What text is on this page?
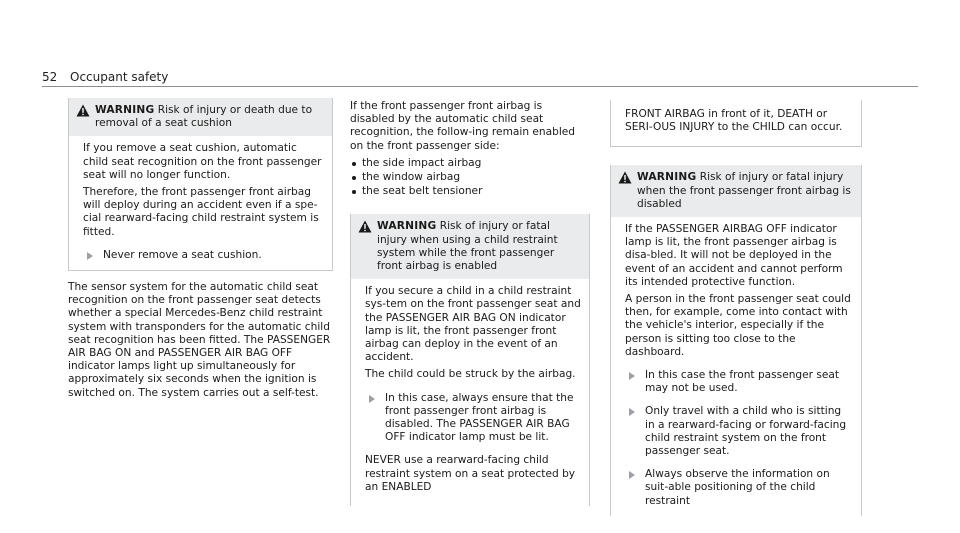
52 Occupant safety
WARNING Risk of injury or death due to removal of a seat cushion

If you remove a seat cushion, automatic child seat recognition on the front passenger seat will no longer function.

Therefore, the front passenger front airbag will deploy during an accident even if a spe-cial rearward-facing child restraint system is fitted.

Never remove a seat cushion.

The sensor system for the automatic child seat recognition on the front passenger seat detects whether a special Mercedes-Benz child restraint system with transponders for the automatic child seat recognition has been fitted. The PASSENGER AIR BAG ON and PASSENGER AIR BAG OFF indicator lamps light up simultaneously for approximately six seconds when the ignition is switched on. The system carries out a self-test.

If the front passenger front airbag is disabled by the automatic child seat recognition, the follow-ing remain enabled on the front passenger side:

the side impact airbag
the window airbag
the seat belt tensioner
WARNING Risk of injury or fatal injury when using a child restraint system while the front passenger front airbag is enabled

If you secure a child in a child restraint sys-tem on the front passenger seat and the PASSENGER AIR BAG ON indicator lamp is lit, the front passenger front airbag can deploy in the event of an accident.

The child could be struck by the airbag.

In this case, always ensure that the front passenger front airbag is disabled. The PASSENGER AIR BAG OFF indicator lamp must be lit.

NEVER use a rearward-facing child restraint system on a seat protected by an ENABLED

FRONT AIRBAG in front of it, DEATH or SERI-OUS INJURY to the CHILD can occur.

WARNING Risk of injury or fatal injury when the front passenger front airbag is disabled

If the PASSENGER AIRBAG OFF indicator lamp is lit, the front passenger airbag is disa-bled. It will not be deployed in the event of an accident and cannot perform its intended protective function.

A person in the front passenger seat could then, for example, come into contact with the vehicle's interior, especially if the person is sitting too close to the dashboard.

In this case the front passenger seat may not be used.
Only travel with a child who is sitting in a rearward-facing or forward-facing child restraint system on the front passenger seat.
Always observe the information on suit-able positioning of the child restraint
